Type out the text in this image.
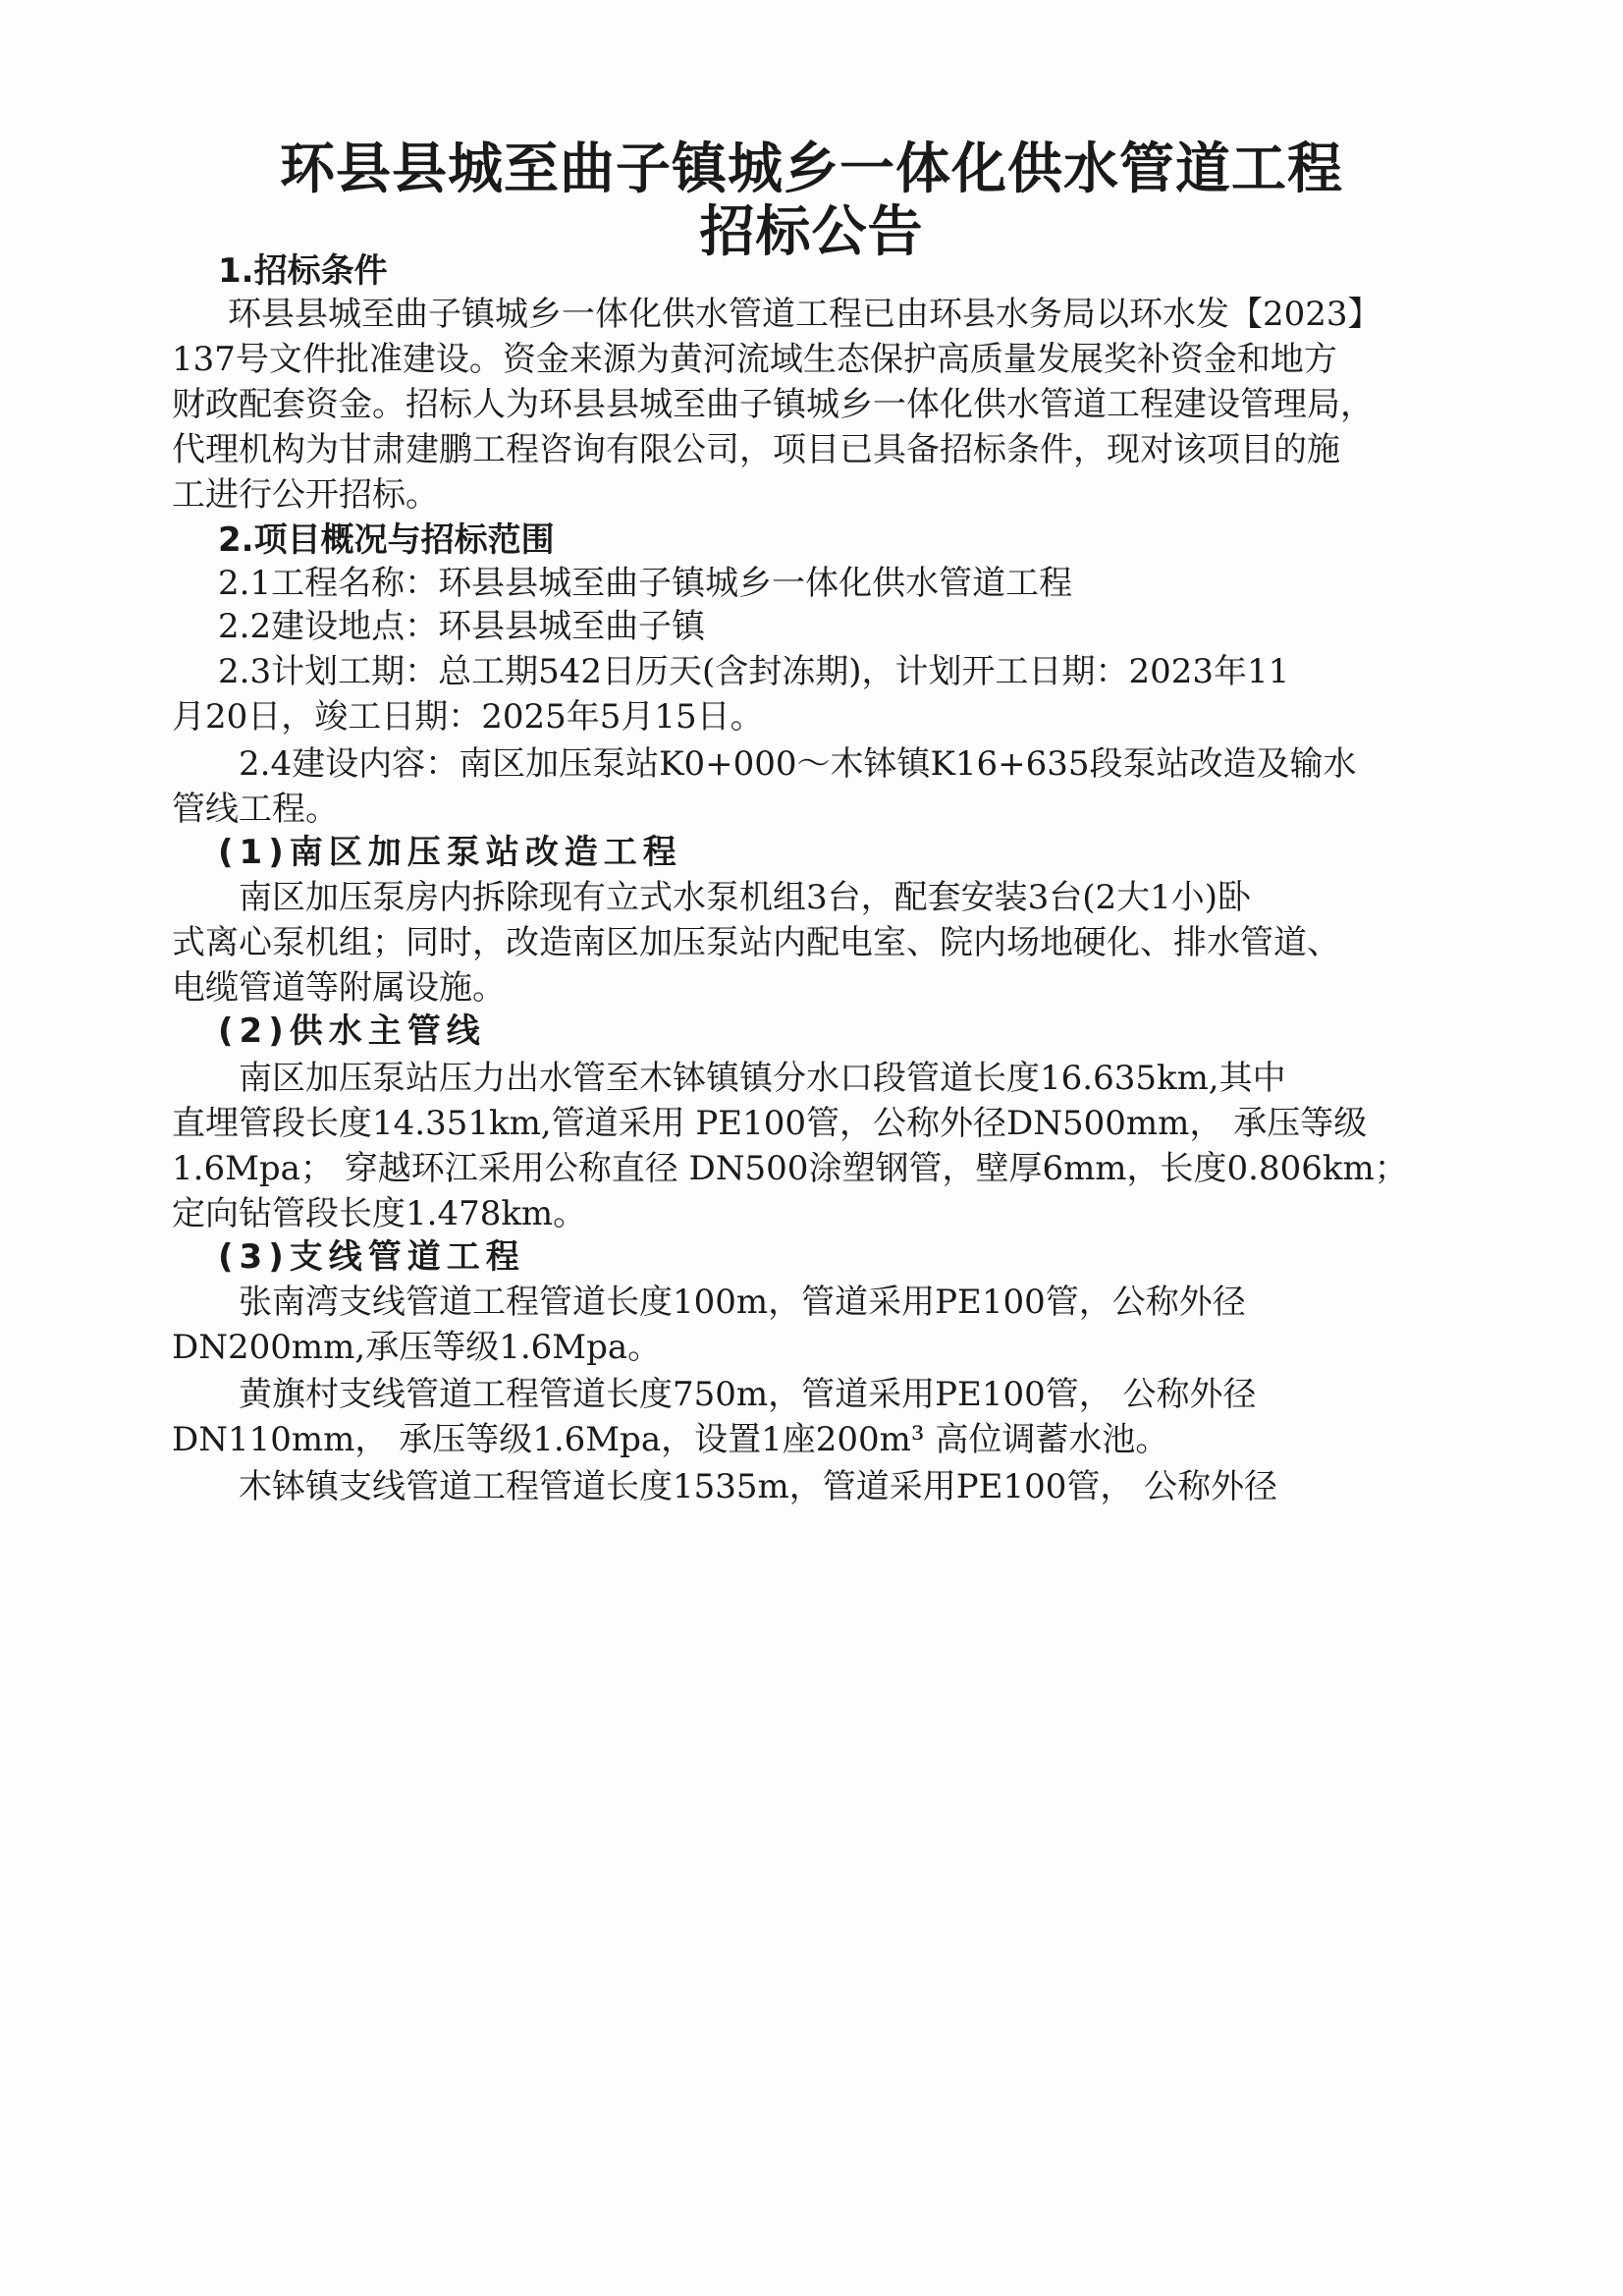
环县县城至曲子镇城乡一体化供水管道工程
招标公告

1.招标条件

环县县城至曲子镇城乡一体化供水管道工程已由环县水务局以环水发【2023】

137号文件批准建设。资金来源为黄河流域生态保护高质量发展奖补资金和地方

财政配套资金。招标人为环县县城至曲子镇城乡一体化供水管道工程建设管理局，

代理机构为甘肃建鹏工程咨询有限公司，项目已具备招标条件，现对该项目的施

工进行公开招标。

2.项目概况与招标范围

2.1工程名称：环县县城至曲子镇城乡一体化供水管道工程

2.2建设地点：环县县城至曲子镇

2.3计划工期：总工期542日历天(含封冻期)，计划开工日期：2023年11

月20日，竣工日期：2025年5月15日。

2.4建设内容：南区加压泵站K0+000～木钵镇K16+635段泵站改造及输水

管线工程。

(1)南区加压泵站改造工程

南区加压泵房内拆除现有立式水泵机组3台，配套安装3台(2大1小)卧

式离心泵机组；同时，改造南区加压泵站内配电室、院内场地硬化、排水管道、

电缆管道等附属设施。

(2)供水主管线

南区加压泵站压力出水管至木钵镇镇分水口段管道长度16.635km,其中

直埋管段长度14.351km,管道采用 PE100管，公称外径DN500mm， 承压等级

1.6Mpa； 穿越环江采用公称直径 DN500涂塑钢管，壁厚6mm，长度0.806km；

定向钻管段长度1.478km。

(3)支线管道工程

张南湾支线管道工程管道长度100m，管道采用PE100管，公称外径

DN200mm,承压等级1.6Mpa。

黄旗村支线管道工程管道长度750m，管道采用PE100管， 公称外径

DN110mm， 承压等级1.6Mpa，设置1座200m³ 高位调蓄水池。

木钵镇支线管道工程管道长度1535m，管道采用PE100管， 公称外径
